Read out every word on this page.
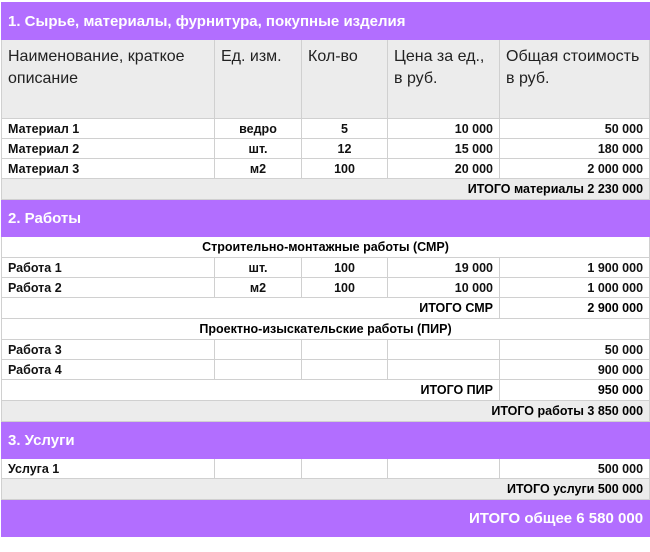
1. Сырье, материалы, фурнитура, покупные изделия				
Наименование, краткое описание	Ед. изм.	Кол-во	Цена за ед., в руб.	Общая стоимость в руб.
Материал 1	ведро	5	10 000	50 000
Материал 2	шт.	12	15 000	180 000
Материал 3	м2	100	20 000	2 000 000
ИТОГО материалы 2 230 000				
2. Работы				
Строительно-монтажные работы (СМР)				
Работа 1	шт.	100	19 000	1 900 000
Работа 2	м2	100	10 000	1 000 000
ИТОГО СМР				2 900 000
Проектно-изыскательские работы (ПИР)				
Работа 3				50 000
Работа 4				900 000
ИТОГО ПИР				950 000
ИТОГО работы 3 850 000				
3. Услуги				
Услуга 1				500 000
ИТОГО услуги 500 000				
ИТОГО общее 6 580 000				
